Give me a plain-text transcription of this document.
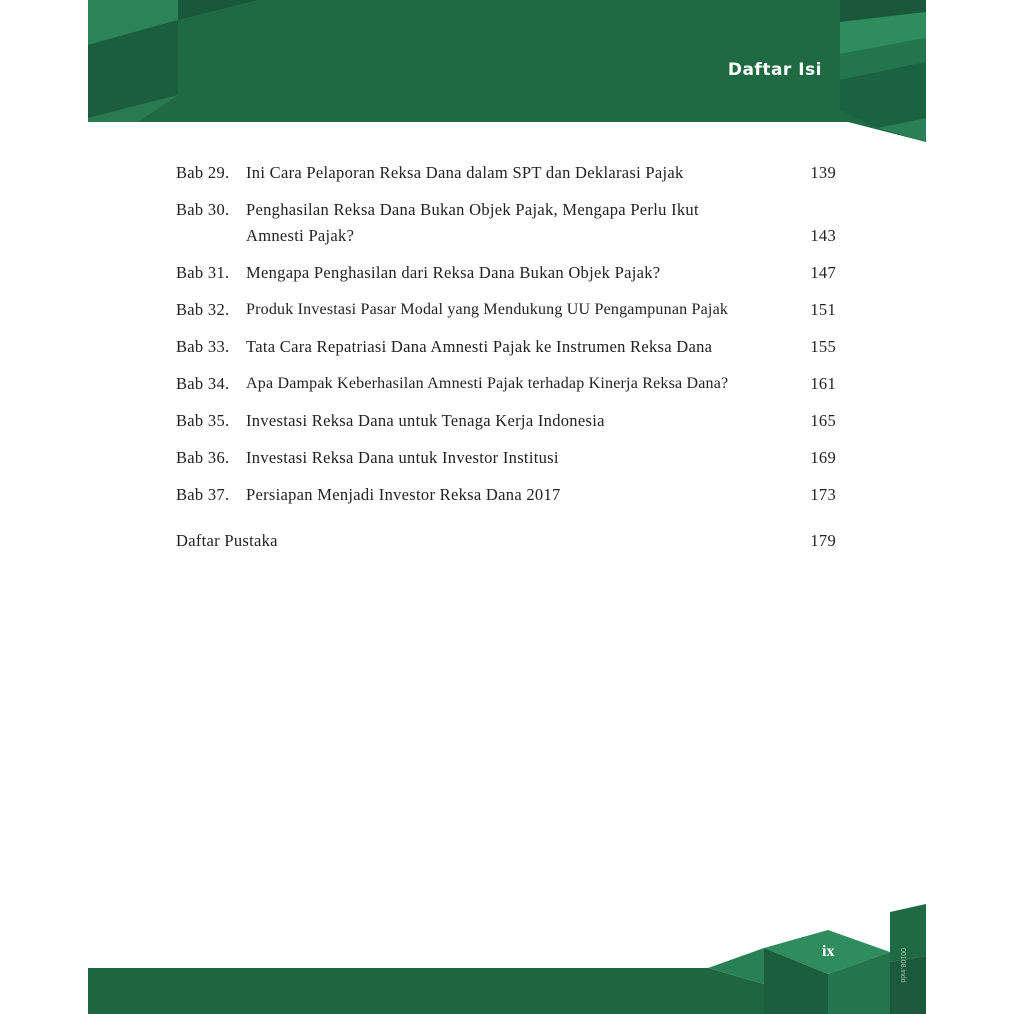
Daftar Isi
Bab 29.	Ini Cara Pelaporan Reksa Dana dalam SPT dan Deklarasi Pajak	139
Bab 30.	Penghasilan Reksa Dana Bukan Objek Pajak, Mengapa Perlu Ikut Amnesti Pajak?	143
Bab 31.	Mengapa Penghasilan dari Reksa Dana Bukan Objek Pajak?	147
Bab 32.	Produk Investasi Pasar Modal yang Mendukung UU Pengampunan Pajak	151
Bab 33.	Tata Cara Repatriasi Dana Amnesti Pajak ke Instrumen Reksa Dana	155
Bab 34.	Apa Dampak Keberhasilan Amnesti Pajak terhadap Kinerja Reksa Dana?	161
Bab 35.	Investasi Reksa Dana untuk Tenaga Kerja Indonesia	165
Bab 36.	Investasi Reksa Dana untuk Investor Institusi	169
Bab 37.	Persiapan Menjadi Investor Reksa Dana 2017	173
Daftar Pustaka	179
ix	00108.indd
